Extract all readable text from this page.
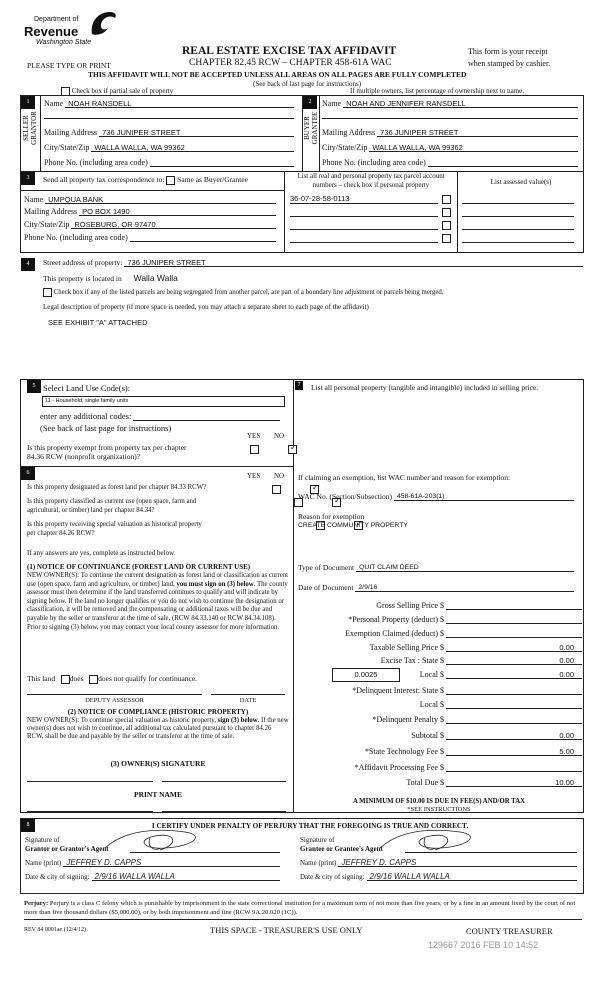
Department of
Revenue
Washington State
REAL ESTATE EXCISE TAX AFFIDAVIT
PLEASE TYPE OR PRINT	CHAPTER 82.45 RCW – CHAPTER 458-61A WAC
This form is your receipt
when stamped by cashier.
THIS AFFIDAVIT WILL NOT BE ACCEPTED UNLESS ALL AREAS ON ALL PAGES ARE FULLY COMPLETED
(See back of last page for instructions)
Check box if partial sale of property	If multiple owners, list percentage of ownership next to name.
1
SELLER GRANTOR
Name NOAH RANSDELL
Mailing Address 736 JUNIPER STREET
City/State/Zip WALLA WALLA, WA 99362
Phone No. (including area code)
2
BUYER GRANTEE
Name NOAH AND JENNIFER RANSDELL
Mailing Address 736 JUNIPER STREET
City/State/Zip WALLA WALLA, WA 99362
Phone No. (including area code)
3	Send all property tax correspondence to: Same as Buyer/Grantee
Name UMPQUA BANK
Mailing Address PO BOX 1490
City/State/Zip ROSEBURG, OR 97470
Phone No. (including area code)
List all real and personal property tax parcel account
numbers – check box if personal property	List assessed value(s)
36-07-28-58-0113
4	Street address of property: 736 JUNIPER STREET
This property is located in Walla Walla
Check box if any of the listed parcels are being segregated from another parcel, are part of a boundary line adjustment or parcels being merged.
Legal description of property (if more space is needed, you may attach a separate sheet to each page of the affidavit)
SEE EXHIBIT "A" ATTACHED
5 Select Land Use Code(s):
11 - Household, single family units
enter any additional codes:
(See back of last page for instructions)
YES NO
Is this property exempt from property tax per chapter
84.36 RCW (nonprofit organization)?
✓
6	YES NO
Is this property designated as forest land per chapter 84.33 RCW?
✓
Is this property classified as current use (open space, farm and
agricultural, or timber) land per chapter 84.34?
✓
Is this property receiving special valuation as historical property
per chapter 84.26 RCW?
✓
If any answers are yes, complete as instructed below.
(1) NOTICE OF CONTINUANCE (FOREST LAND OR CURRENT USE)
NEW OWNER(S): To continue the current designation as forest land or classification as current use (open space, farm and agriculture, or timber) land, you must sign on (3) below. The county assessor must then determine if the land transferred continues to qualify and will indicate by signing below. If the land no longer qualifies or you do not wish to continue the designation or classification, it will be removed and the compensating or additional taxes will be due and payable by the seller or transferor at the time of sale. (RCW 84.33.140 or RCW 84.34.108). Prior to signing (3) below, you may contact your local county assessor for more information.
This land does does not qualify for continuance.
DEPUTY ASSESSOR	DATE
(2) NOTICE OF COMPLIANCE (HISTORIC PROPERTY)
NEW OWNER(S): To continue special valuation as historic property, sign (3) below. If the new owner(s) does not wish to continue, all additional tax calculated pursuant to chapter 84.26 RCW, shall be due and payable by the seller or transferor at the time of sale.
(3) OWNER(S) SIGNATURE
PRINT NAME
7	List all personal property (tangible and intangible) included in selling price.
If claiming an exemption, list WAC number and reason for exemption:
WAC No. (Section/Subsection) 458-61A-203(1)
Reason for exemption
CREATE COMMUNITY PROPERTY
Type of Document QUIT CLAIM DEED
Date of Document 2/9/16
Gross Selling Price $
*Personal Property (deduct) $
Exemption Claimed (deduct) $
Taxable Selling Price $	0.00
Excise Tax : State $	0.00
Local $	0.00
0.0025
*Delinquent Interest: State $
Local $
*Delinquent Penalty $
Subtotal $	0.00
*State Technology Fee $	5.00
*Affidavit Processing Fee $
Total Due $	10.00
A MINIMUM OF $10.00 IS DUE IN FEE(S) AND/OR TAX
*SEE INSTRUCTIONS
8	I CERTIFY UNDER PENALTY OF PERJURY THAT THE FOREGOING IS TRUE AND CORRECT.
Signature of
Grantor or Grantor's Agent
Name (print) JEFFREY D. CAPPS
Date & city of signing: 2/9/16 WALLA WALLA
Signature of
Grantee or Grantee's Agent
Name (print) JEFFREY D. CAPPS
Date & city of signing: 2/9/16 WALLA WALLA
Perjury: Perjury is a class C felony which is punishable by imprisonment in the state correctional institution for a maximum term of not more than five years, or by a fine in an amount fixed by the court of not more than five thousand dollars ($5,000.00), or by both imprisonment and fine (RCW 9A.20.020 (1C)).
REV 84 0001ae (12/4/12)	THIS SPACE - TREASURER'S USE ONLY	COUNTY TREASURER
129667 2016 FEB 10 14:52
